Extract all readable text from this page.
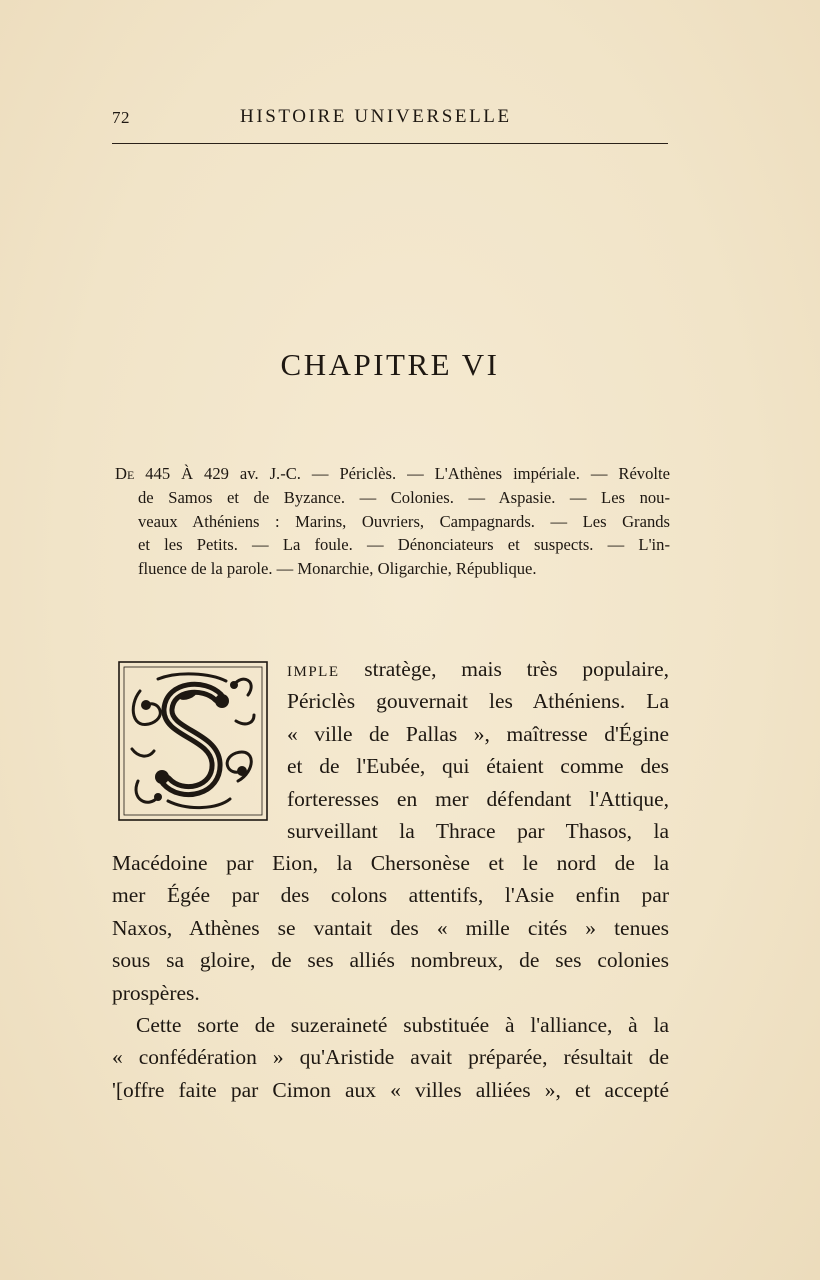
72	HISTOIRE UNIVERSELLE
CHAPITRE VI
De 445 À 429 av. J.-C. — Périclès. — L'Athènes impériale. — Révolte
de Samos et de Byzance. — Colonies. — Aspasie. — Les nou-
veaux Athéniens : Marins, Ouvriers, Campagnards. — Les Grands
et les Petits. — La foule. — Dénonciateurs et suspects. — L'in-
fluence de la parole. — Monarchie, Oligarchie, République.
imple stratège, mais très populaire,
Périclès gouvernait les Athéniens. La
« ville de Pallas », maîtresse d'Égine
et de l'Eubée, qui étaient comme des
forteresses en mer défendant l'Attique,
surveillant la Thrace par Thasos, la
Macédoine par Eion, la Chersonèse et le nord de la
mer Égée par des colons attentifs, l'Asie enfin par
Naxos, Athènes se vantait des « mille cités » tenues
sous sa gloire, de ses alliés nombreux, de ses colonies
prospères.
Cette sorte de suzeraineté substituée à l'alliance, à la
« confédération » qu'Aristide avait préparée, résultait de
'[offre faite par Cimon aux « villes alliées », et accepté
